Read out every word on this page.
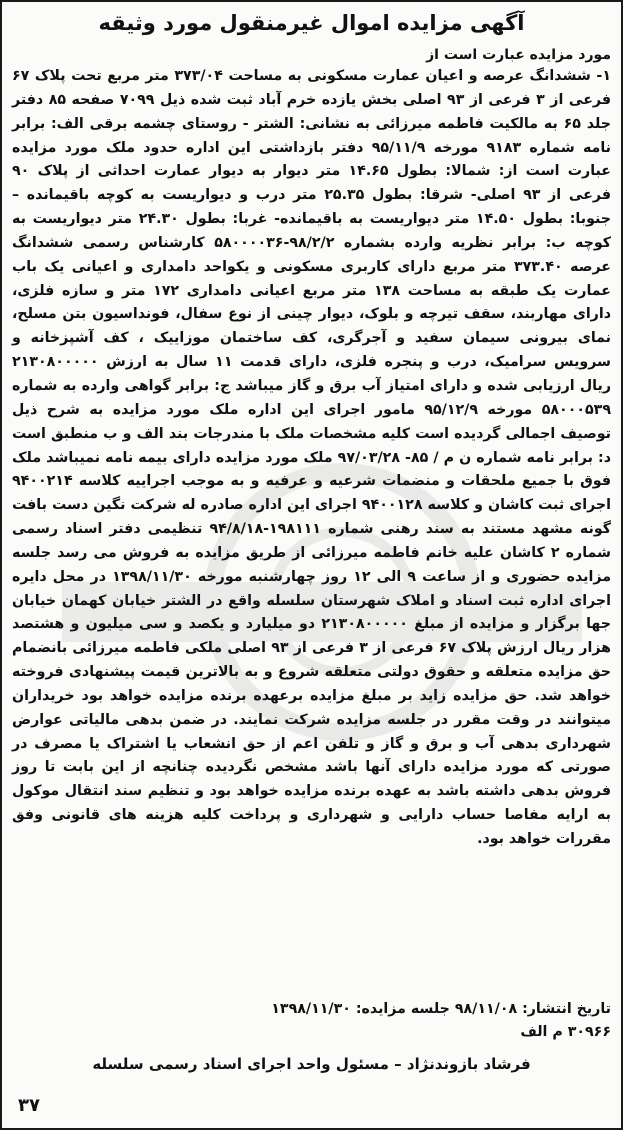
آگهی مزایده اموال غیرمنقول مورد وثیقه

مورد مزایده عبارت است از

۱- ششدانگ عرصه و اعیان عمارت مسکونی به مساحت ۳۷۳/۰۴ متر مربع تحت پلاک ۶۷ فرعی از ۳ فرعی از ۹۳ اصلی بخش یازده خرم آباد ثبت شده ذیل ۷۰۹۹ صفحه ۸۵ دفتر جلد ۶۵ به مالکیت فاطمه میرزائی به نشانی: الشتر - روستای چشمه برقی الف: برابر نامه شماره ۹۱۸۳ مورخه ۹۵/۱۱/۹ دفتر بازداشتی این اداره حدود ملک مورد مزایده عبارت است از: شمالا: بطول ۱۴.۶۵ متر دیوار به دیوار عمارت احداثی از پلاک ۹۰ فرعی از ۹۳ اصلی- شرقا: بطول ۲۵.۳۵ متر درب و دیواریست به کوچه باقیمانده – جنوبا: بطول ۱۴.۵۰ متر دیواریست به باقیمانده- غربا: بطول ۲۴.۳۰ متر دیواریست به کوچه ب: برابر نظریه وارده بشماره ۹۸/۲/۲-۵۸۰۰۰۰۳۶ کارشناس رسمی ششدانگ عرصه ۳۷۳.۴۰ متر مربع دارای کاربری مسکونی و یکواحد دامداری و اعیانی یک باب عمارت یک طبقه به مساحت ۱۳۸ متر مربع اعیانی دامداری ۱۷۲ متر و سازه فلزی، دارای مهاربند، سقف تیرچه و بلوک، دیوار چینی از نوع سفال، فونداسیون بتن مسلح، نمای بیرونی سیمان سفید و آجرگری، کف ساختمان موزاییک ، کف آشپزخانه و سرویس سرامیک، درب و پنجره فلزی، دارای قدمت ۱۱ سال به ارزش ۲۱۳۰۸۰۰۰۰۰ ریال ارزیابی شده و دارای امتیاز آب برق و گاز میباشد ج: برابر گواهی وارده به شماره ۵۸۰۰۰۵۳۹ مورخه ۹۵/۱۲/۹ مامور اجرای این اداره ملک مورد مزایده به شرح ذیل توصیف اجمالی گردیده است کلیه مشخصات ملک با مندرجات بند الف و ب منطبق است د: برابر نامه شماره ن م / ۸۵- ۹۷/۰۳/۲۸ ملک مورد مزایده دارای بیمه نامه نمیباشد ملک فوق با جمیع ملحقات و منضمات شرعیه و عرفیه و به موجب اجراییه کلاسه ۹۴۰۰۲۱۴ اجرای ثبت کاشان و کلاسه ۹۴۰۰۱۲۸ اجرای این اداره صادره له شرکت نگین دست بافت گونه مشهد مستند به سند رهنی شماره ۱۹۸۱۱۱-۹۴/۸/۱۸ تنظیمی دفتر اسناد رسمی شماره ۲ کاشان علیه خانم فاطمه میرزائی از طریق مزایده به فروش می رسد جلسه مزایده حضوری و از ساعت ۹ الی ۱۲ روز چهارشنبه مورخه ۱۳۹۸/۱۱/۳۰ در محل دایره اجرای اداره ثبت اسناد و املاک شهرستان سلسله واقع در الشتر خیابان کهمان خیابان جها برگزار و مزایده از مبلغ ۲۱۳۰۸۰۰۰۰۰ دو میلیارد و یکصد و سی میلیون و هشتصد هزار ریال ارزش پلاک ۶۷ فرعی از ۳ فرعی از ۹۳ اصلی ملکی فاطمه میرزائی بانضمام حق مزایده متعلقه و حقوق دولتی متعلقه شروع و به بالاترین قیمت پیشنهادی فروخته خواهد شد. حق مزایده زاید بر مبلغ مزایده برعهده برنده مزایده خواهد بود خریداران میتوانند در وقت مقرر در جلسه مزایده شرکت نمایند. در ضمن بدهی مالیاتی عوارض شهرداری بدهی آب و برق و گاز و تلفن اعم از حق انشعاب یا اشتراک یا مصرف در صورتی که مورد مزایده دارای آنها باشد مشخص نگردیده چنانچه از این بابت تا روز فروش بدهی داشته باشد به عهده برنده مزایده خواهد بود و تنظیم سند انتقال موکول به ارایه مفاصا حساب دارایی و شهرداری و پرداخت کلیه هزینه های قانونی وفق مقررات خواهد بود.

تاریخ انتشار: ۹۸/۱۱/۰۸ جلسه مزایده: ۱۳۹۸/۱۱/۳۰

۳۰۹۶۶ م الف

فرشاد بازوندنژاد – مسئول واحد اجرای اسناد رسمی سلسله

۳۷
